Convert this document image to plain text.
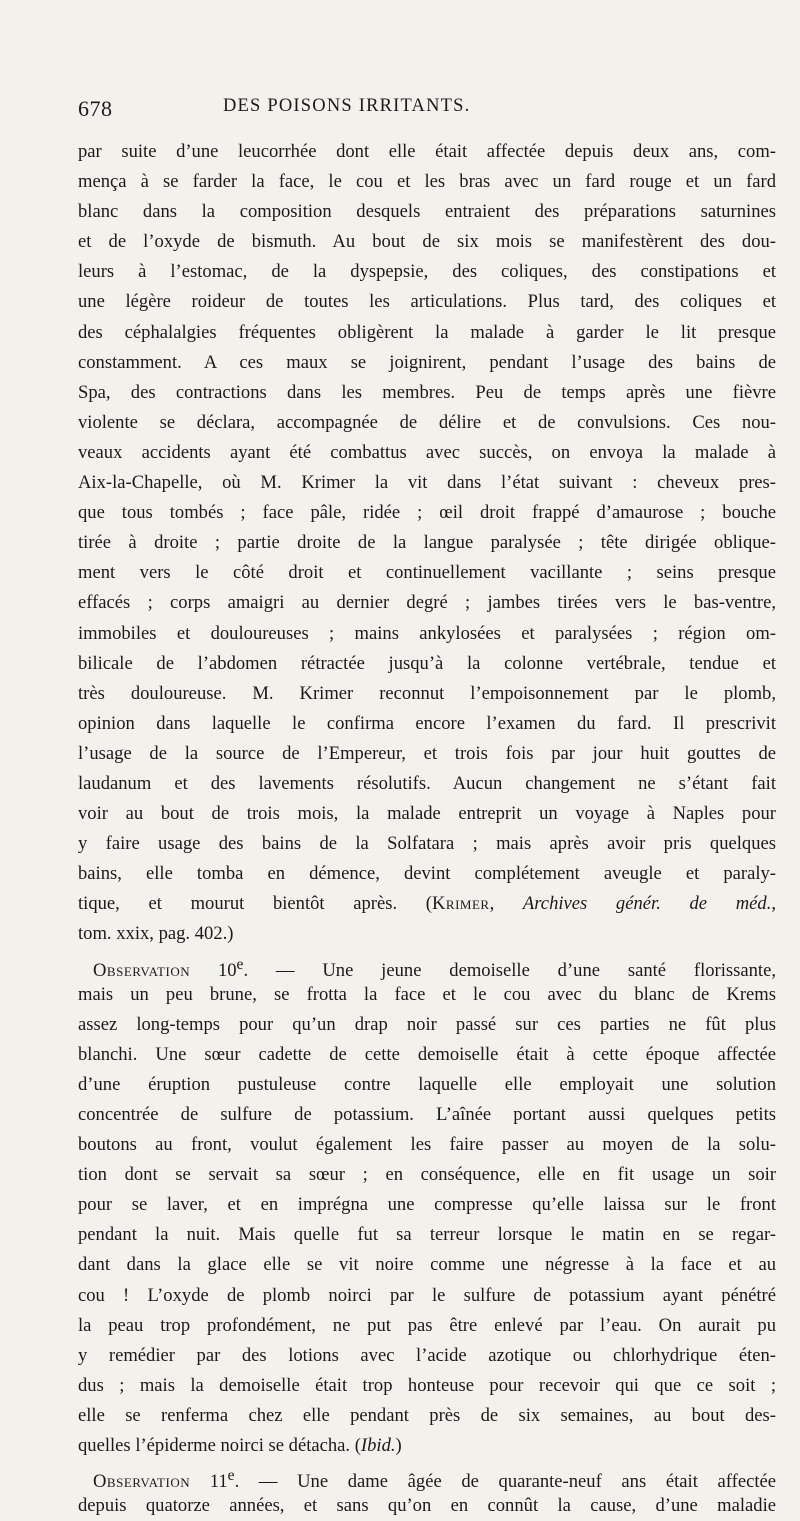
678	DES POISONS IRRITANTS.
par suite d’une leucorrhée dont elle était affectée depuis deux ans, com-
mença à se farder la face, le cou et les bras avec un fard rouge et un fard
blanc dans la composition desquels entraient des préparations saturnines
et de l’oxyde de bismuth. Au bout de six mois se manifestèrent des dou-
leurs à l’estomac, de la dyspepsie, des coliques, des constipations et
une légère roideur de toutes les articulations. Plus tard, des coliques et
des céphalalgies fréquentes obligèrent la malade à garder le lit presque
constamment. A ces maux se joignirent, pendant l’usage des bains de
Spa, des contractions dans les membres. Peu de temps après une fièvre
violente se déclara, accompagnée de délire et de convulsions. Ces nou-
veaux accidents ayant été combattus avec succès, on envoya la malade à
Aix-la-Chapelle, où M. Krimer la vit dans l’état suivant : cheveux pres-
que tous tombés ; face pâle, ridée ; œil droit frappé d’amaurose ; bouche
tirée à droite ; partie droite de la langue paralysée ; tête dirigée oblique-
ment vers le côté droit et continuellement vacillante ; seins presque
effacés ; corps amaigri au dernier degré ; jambes tirées vers le bas-ventre,
immobiles et douloureuses ; mains ankylosées et paralysées ; région om-
bilicale de l’abdomen rétractée jusqu’à la colonne vertébrale, tendue et
très douloureuse. M. Krimer reconnut l’empoisonnement par le plomb,
opinion dans laquelle le confirma encore l’examen du fard. Il prescrivit
l’usage de la source de l’Empereur, et trois fois par jour huit gouttes de
laudanum et des lavements résolutifs. Aucun changement ne s’étant fait
voir au bout de trois mois, la malade entreprit un voyage à Naples pour
y faire usage des bains de la Solfatara ; mais après avoir pris quelques
bains, elle tomba en démence, devint complétement aveugle et paraly-
tique, et mourut bientôt après. (Krimer, Archives génér. de méd.,
tom. xxix, pag. 402.)
Observation 10e. — Une jeune demoiselle d’une santé florissante,
mais un peu brune, se frotta la face et le cou avec du blanc de Krems
assez long-temps pour qu’un drap noir passé sur ces parties ne fût plus
blanchi. Une sœur cadette de cette demoiselle était à cette époque affectée
d’une éruption pustuleuse contre laquelle elle employait une solution
concentrée de sulfure de potassium. L’aînée portant aussi quelques petits
boutons au front, voulut également les faire passer au moyen de la solu-
tion dont se servait sa sœur ; en conséquence, elle en fit usage un soir
pour se laver, et en imprégna une compresse qu’elle laissa sur le front
pendant la nuit. Mais quelle fut sa terreur lorsque le matin en se regar-
dant dans la glace elle se vit noire comme une négresse à la face et au
cou ! L’oxyde de plomb noirci par le sulfure de potassium ayant pénétré
la peau trop profondément, ne put pas être enlevé par l’eau. On aurait pu
y remédier par des lotions avec l’acide azotique ou chlorhydrique éten-
dus ; mais la demoiselle était trop honteuse pour recevoir qui que ce soit ;
elle se renferma chez elle pendant près de six semaines, au bout des-
quelles l’épiderme noirci se détacha. (Ibid.)
Observation 11e. — Une dame âgée de quarante-neuf ans était affectée
depuis quatorze années, et sans qu’on en connût la cause, d’une maladie
